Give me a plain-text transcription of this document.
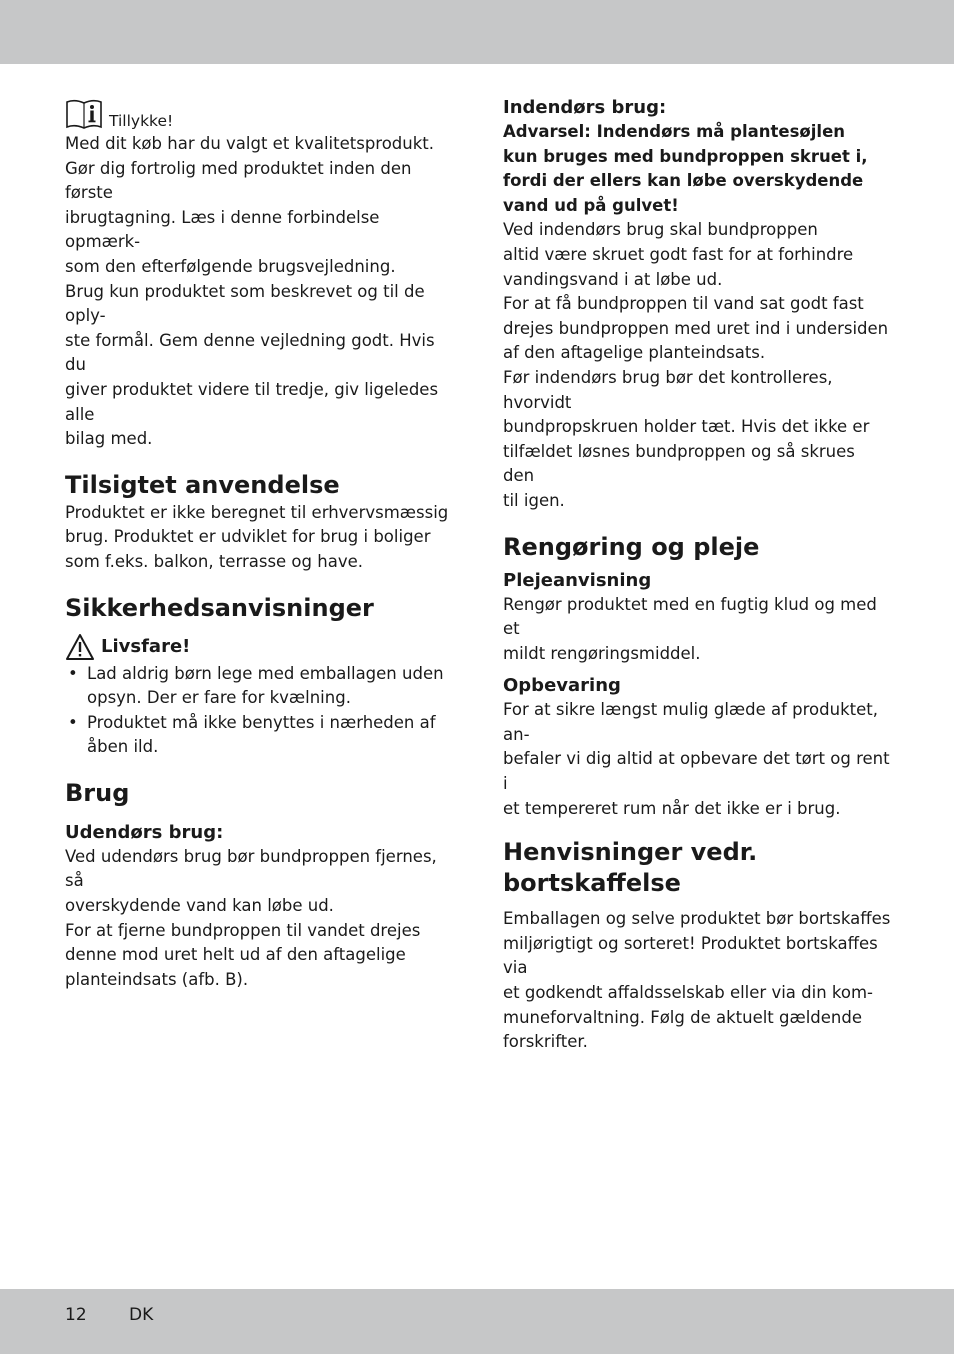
Tillykke!

Med dit køb har du valgt et kvalitetsprodukt.

Gør dig fortrolig med produktet inden den første

ibrugtagning. Læs i denne forbindelse opmærk-

som den efterfølgende brugsvejledning.

Brug kun produktet som beskrevet og til de oply-

ste formål. Gem denne vejledning godt. Hvis du

giver produktet videre til tredje, giv ligeledes alle

bilag med.

Tilsigtet anvendelse

Produktet er ikke beregnet til erhvervsmæssig

brug. Produktet er udviklet for brug i boliger

som f.eks. balkon, terrasse og have.

Sikkerhedsanvisninger
Livsfare!
• Lad aldrig børn lege med emballagen uden
opsyn. Der er fare for kvælning.
• Produktet må ikke benyttes i nærheden af
åben ild.
Brug
Udendørs brug:

Ved udendørs brug bør bundproppen fjernes, så

overskydende vand kan løbe ud.

For at fjerne bundproppen til vandet drejes

denne mod uret helt ud af den aftagelige

planteindsats (afb. B).

Indendørs brug:

Advarsel: Indendørs må plantesøjlen

kun bruges med bundproppen skruet i,

fordi der ellers kan løbe overskydende

vand ud på gulvet!

Ved indendørs brug skal bundproppen

altid være skruet godt fast for at forhindre

vandingsvand i at løbe ud.

For at få bundproppen til vand sat godt fast

drejes bundproppen med uret ind i undersiden

af den aftagelige planteindsats.

Før indendørs brug bør det kontrolleres, hvorvidt

bundpropskruen holder tæt. Hvis det ikke er

tilfældet løsnes bundproppen og så skrues den

til igen.

Rengøring og pleje
Plejeanvisning

Rengør produktet med en fugtig klud og med et

mildt rengøringsmiddel.

Opbevaring

For at sikre længst mulig glæde af produktet, an-

befaler vi dig altid at opbevare det tørt og rent i

et tempereret rum når det ikke er i brug.

Henvisninger vedr.
bortskaffelse

Emballagen og selve produktet bør bortskaffes

miljørigtigt og sorteret! Produktet bortskaffes via

et godkendt affaldsselskab eller via din kom-

muneforvaltning. Følg de aktuelt gældende

forskrifter.

12 DK
